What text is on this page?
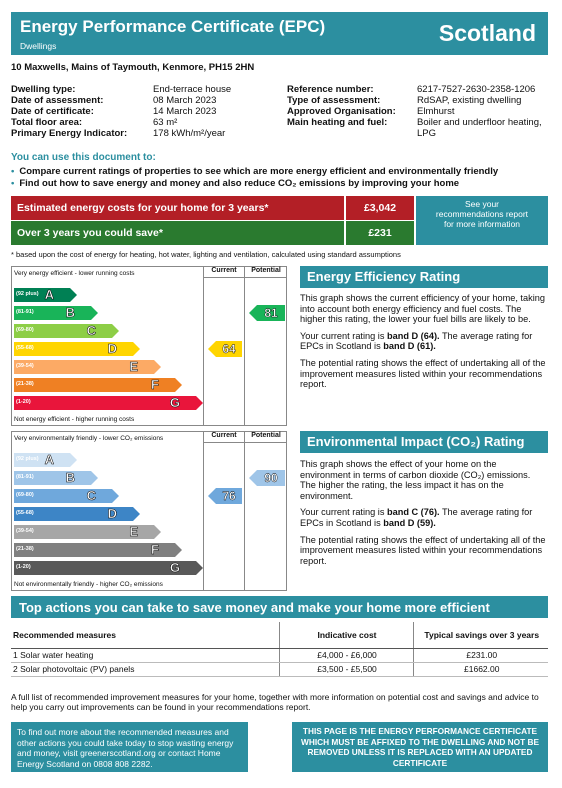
Energy Performance Certificate (EPC)
Dwellings	Scotland
10 Maxwells, Mains of Taymouth, Kenmore, PH15 2HN
Dwelling type:	End-terrace house
Date of assessment:	08 March 2023
Date of certificate:	14 March 2023
Total floor area:	63 m²
Primary Energy Indicator:	178 kWh/m²/year
Reference number:	6217-7527-2630-2358-1206
Type of assessment:	RdSAP, existing dwelling
Approved Organisation:	Elmhurst
Main heating and fuel:	Boiler and underfloor heating, LPG
You can use this document to:
• Compare current ratings of properties to see which are more energy efficient and environmentally friendly
• Find out how to save energy and money and also reduce CO₂ emissions by improving your home
Estimated energy costs for your home for 3 years*	£3,042
Over 3 years you could save*	£231
See your recommendations report for more information
* based upon the cost of energy for heating, hot water, lighting and ventilation, calculated using standard assumptions
Current	Potential
Very energy efficient - lower running costs
Not energy efficient - higher running costs
(92 plus) A
(81-91) B
(69-80)	C
(55-68)	D
(39-54)	E
(21-38)	F
(1-20)	G
64
81
Energy Efficiency Rating

This graph shows the current efficiency of your home, taking into account both energy efficiency and fuel costs. The higher this rating, the lower your fuel bills are likely to be.

Your current rating is band D (64). The average rating for EPCs in Scotland is band D (61).

The potential rating shows the effect of undertaking all of the improvement measures listed within your recommendations report.

Current	Potential
Very environmentally friendly - lower CO₂ emissions
Not environmentally friendly - higher CO₂ emissions
(92 plus) A
(81-91) B
(69-80)	C
(55-68)	D
(39-54)	E
(21-38)	F
(1-20)	G
76
90
Environmental Impact (CO₂) Rating

This graph shows the effect of your home on the environment in terms of carbon dioxide (CO₂) emissions. The higher the rating, the less impact it has on the environment.

Your current rating is band C (76). The average rating for EPCs in Scotland is band D (59).

The potential rating shows the effect of undertaking all of the improvement measures listed within your recommendations report.

Top actions you can take to save money and make your home more efficient
Recommended measures	Indicative cost	Typical savings over 3 years
1 Solar water heating	£4,000 - £6,000	£231.00
2 Solar photovoltaic (PV) panels	£3,500 - £5,500	£1662.00
A full list of recommended improvement measures for your home, together with more information on potential cost and savings and advice to help you carry out improvements can be found in your recommendations report.
To find out more about the recommended measures and other actions you could take today to stop wasting energy and money, visit greenerscotland.org or contact Home Energy Scotland on 0808 808 2282.
THIS PAGE IS THE ENERGY PERFORMANCE CERTIFICATE WHICH MUST BE AFFIXED TO THE DWELLING AND NOT BE REMOVED UNLESS IT IS REPLACED WITH AN UPDATED CERTIFICATE
